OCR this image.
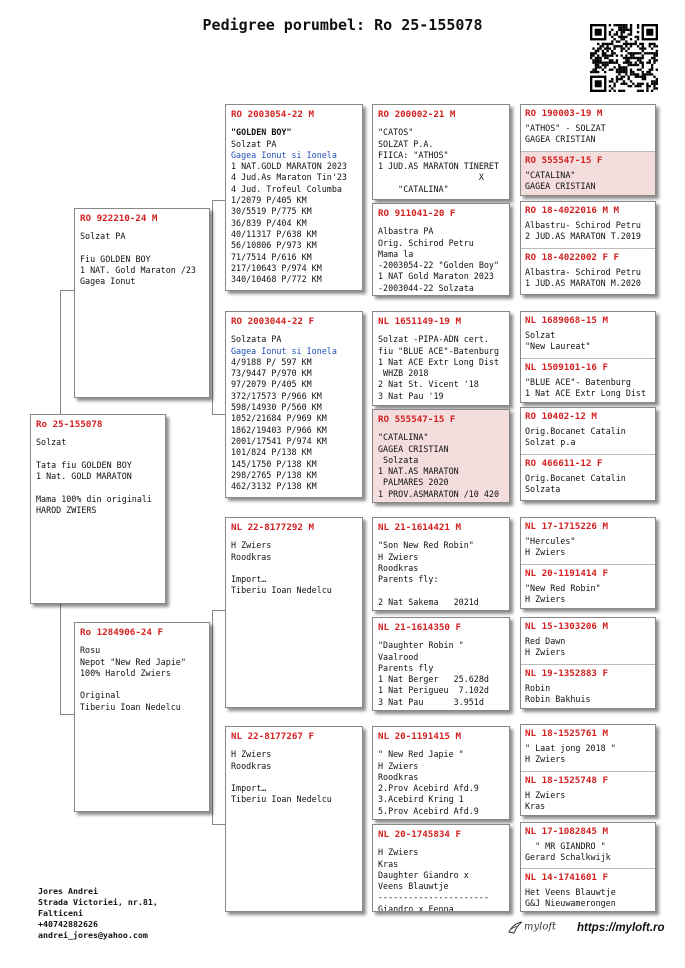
Pedigree porumbel: Ro 25-155078
Ro 25-155078
Solzat
Tata fiu GOLDEN BOY
1 Nat. GOLD MARATON
Mama 100% din originali
HAROD ZWIERS
RO 922210-24 M
Solzat PA
Fiu GOLDEN BOY
1 NAT. Gold Maraton /23
Gagea Ionut
Ro 1284906-24 F
Rosu
Nepot "New Red Japie"
100% Harold Zwiers
Original
Tiberiu Ioan Nedelcu
RO 2003054-22 M
"GOLDEN BOY"
Solzat PA
Gagea Ionut si Ionela
1 NAT.GOLD MARATON 2023
4 Jud.As Maraton Tin'23
4 Jud. Trofeul Columba
1/2079 P/405 KM
30/5519 P/775 KM
36/839 P/404 KM
40/11317 P/638 KM
56/10806 P/973 KM
71/7514 P/616 KM
217/10643 P/974 KM
340/10468 P/772 KM
RO 2003044-22 F
Solzata PA
Gagea Ionut si Ionela
4/9188 P/ 597 KM
73/9447 P/970 KM
97/2079 P/405 KM
372/17573 P/966 KM
598/14930 P/560 KM
1052/21684 P/969 KM
1862/19403 P/966 KM
2001/17541 P/974 KM
101/824 P/138 KM
145/1750 P/138 KM
298/2765 P/138 KM
462/3132 P/138 KM
NL 22-8177292 M
H Zwiers
Roodkras
Import…
Tiberiu Ioan Nedelcu
NL 22-8177267 F
H Zwiers
Roodkras
Import…
Tiberiu Ioan Nedelcu
RO 200002-21 M
"CATOS"
SOLZAT P.A.
FIICA: "ATHOS"
1 JUD.AS MARATON TINERET
X
"CATALINA"
RO 911041-20 F
Albastra PA
Orig. Schirod Petru
Mama la
-2003054-22 "Golden Boy"
1 NAT Gold Maraton 2023
-2003044-22 Solzata
NL 1651149-19 M
Solzat -PIPA-ADN cert.
fiu "BLUE ACE"-Batenburg
1 Nat ACE Extr Long Dist
WHZB 2018
2 Nat St. Vicent '18
3 Nat Pau '19
RO 555547-15 F
"CATALINA"
GAGEA CRISTIAN
Solzata
1 NAT.AS MARATON
PALMARES 2020
1 PROV.ASMARATON /10 420
NL 21-1614421 M
"Son New Red Robin"
H Zwiers
Roodkras
Parents fly:
2 Nat Sakema   2021d
NL 21-1614350 F
"Daughter Robin "
Vaalrood
Parents fly
1 Nat Berger   25.628d
1 Nat Perigueu  7.102d
3 Nat Pau      3.951d
NL 20-1191415 M
" New Red Japie "
H Zwiers
Roodkras
2.Prov Acebird Afd.9
3.Acebird Kring 1
5.Prov Acebird Afd.9
NL 20-1745834 F
H Zwiers
Kras
Daughter Giandro x
Veens Blauwtje
----------------------
Giandro x Fenna
RO 190003-19 M
"ATHOS" - SOLZAT
GAGEA CRISTIAN
RO 555547-15 F
"CATALINA"
GAGEA CRISTIAN
RO 18-4022016 M M
Albastru- Schirod Petru
2 JUD.AS MARATON T.2019
RO 18-4022002 F F
Albastra- Schirod Petru
1 JUD.AS MARATON M.2020
NL 1689068-15 M
Solzat
"New Laureat"
NL 1509101-16 F
"BLUE ACE"- Batenburg
1 Nat ACE Extr Long Dist
RO 10402-12 M
Orig.Bocanet Catalin
Solzat p.a
RO 466611-12 F
Orig.Bocanet Catalin
Solzata
NL 17-1715226 M
"Hercules"
H Zwiers
NL 20-1191414 F
"New Red Robin"
H Zwiers
NL 15-1303206 M
Red Dawn
H Zwiers
NL 19-1352883 F
Robin
Robin Bakhuis
NL 18-1525761 M
" Laat jong 2018 "
H Zwiers
NL 18-1525748 F
H Zwiers
Kras
NL 17-1082845 M
" MR GIANDRO "
Gerard Schalkwijk
NL 14-1741601 F
Het Veens Blauwtje
G&J Nieuwamerongen
Jores Andrei
Strada Victoriei, nr.81,
Falticeni
+40742882626
andrei_jores@yahoo.com
myloft https://myloft.ro
